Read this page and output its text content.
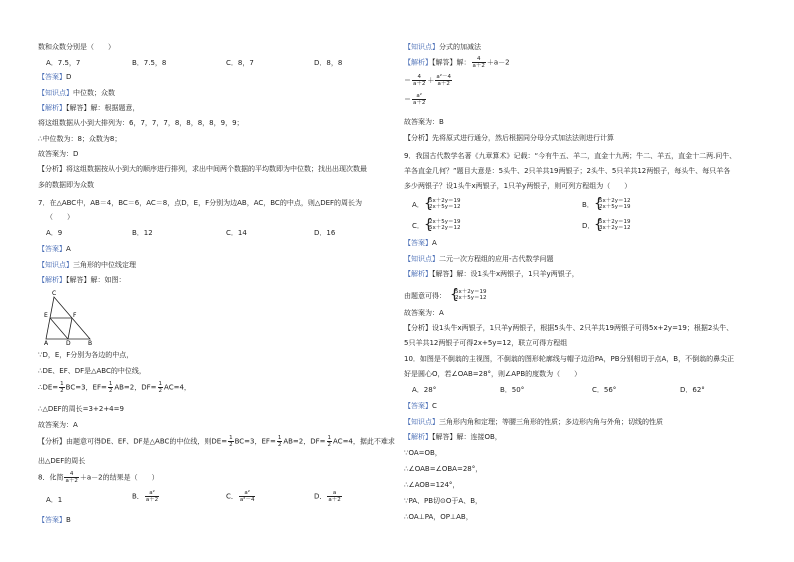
数和众数分别是（　　）
A．7.5，7	B．7.5，8	C．8，7	D．8，8
【答案】D
【知识点】中位数；众数
【解析】【解答】解：根据题意，
将这组数据从小到大排列为：6，7，7，7，8，8，8，8，9，9；
∴中位数为：8；众数为8；
故答案为：D
【分析】将这组数据按从小到大的顺序进行排列，求出中间两个数据的平均数即为中位数；找出出现次数最
多的数据即为众数
7．在△ABC中，AB＝4，BC＝6，AC＝8，点D，E，F分别为边AB，AC，BC的中点，则△DEF的周长为
（　　）
A．9	B．12	C．14	D．16
【答案】A
【知识点】三角形的中位线定理
【解析】【解答】解：如图：
C
E	F
A	D	B
∵D，E，F分别为各边的中点，
∴DE、EF、DF是△ABC的中位线，
∴DE= $\frac{1}{2} BC=3$，$EF= \frac{1}{2} AB=2$，$DF= \frac{1}{2} AC=4$，
∴△DEF的周长=3+2+4=9
故答案为：A
【分析】由题意可得DE、EF、DF是△ABC的中位线，则$DE= \frac{1}{2} BC=3$，$EF= \frac{1}{2} AB=2$，$DF= \frac{1}{2} AC=4$，据此不难求
出△DEF的周长
8．化简 $\frac{4}{a+2} +a-2$的结果是（　　）
A．1	B． $\frac{\text{a²}}{a+2}$	C． $\frac{\text{a²}}{\text{a²－4}}$	D． $\frac{a}{a+2}$
【答案】B
【知识点】分式的加减法
【解析】【解答】解： $\frac{4}{a+2} +a-2$
＝ $\frac{4}{a+2} + \frac{\text{a²－4}}{a+2}$
＝ $\frac{\text{a²}}{a+2}$
故答案为：B
【分析】先将原式进行通分，然后根据同分母分式加法法则进行计算
9．我国古代数学名著《九章算术》记载：“今有牛五、羊二，直金十九两；牛二、羊五，直金十二两.问牛、
羊各直金几何？”题目大意是：5头牛、2只羊共19两银子；2头牛、5只羊共12两银子，每头牛、每只羊各
多少两银子？设1头牛x两银子，1只羊y两银子，则可列方程组为（　　）
A． {
5x＋2y＝19
2x＋5y＝12	B． {
5x＋2y＝12
2x＋5y＝19
C． {
2x＋5y＝19
5x＋2y＝12	D． {
5x＋2y＝19
3x＋2y＝12
【答案】A
【知识点】二元一次方程组的应用-古代数学问题
【解析】【解答】解：设1头牛x两银子，1只羊y两银子，
由题意可得： {
5x＋2y＝19
2x＋5y＝12
故答案为：A
【分析】设1头牛x两银子，1只羊y两银子，根据5头牛、2只羊共19两银子可得5x+2y=19；根据2头牛、
5只羊共12两银子可得2x+5y=12，联立可得方程组
10．如图是不倒翁的主视图，不倒翁的图形轮廓线与帽子边沿PA，PB分别相切于点A，B，不倒翁的鼻尖正
好是圆心O，若∠OAB=28°，则∠APB的度数为（　　）
A．28°	B．50°	C．56°	D．62°
【答案】C
【知识点】三角形内角和定理；等腰三角形的性质；多边形内角与外角；切线的性质
【解析】【解答】解：连接OB，
∵OA=OB，
∴∠OAB=∠OBA=28°，
∴∠AOB=124°，
∵PA、PB切⊙O于A、B，
∴OA⊥PA，OP⊥AB，
